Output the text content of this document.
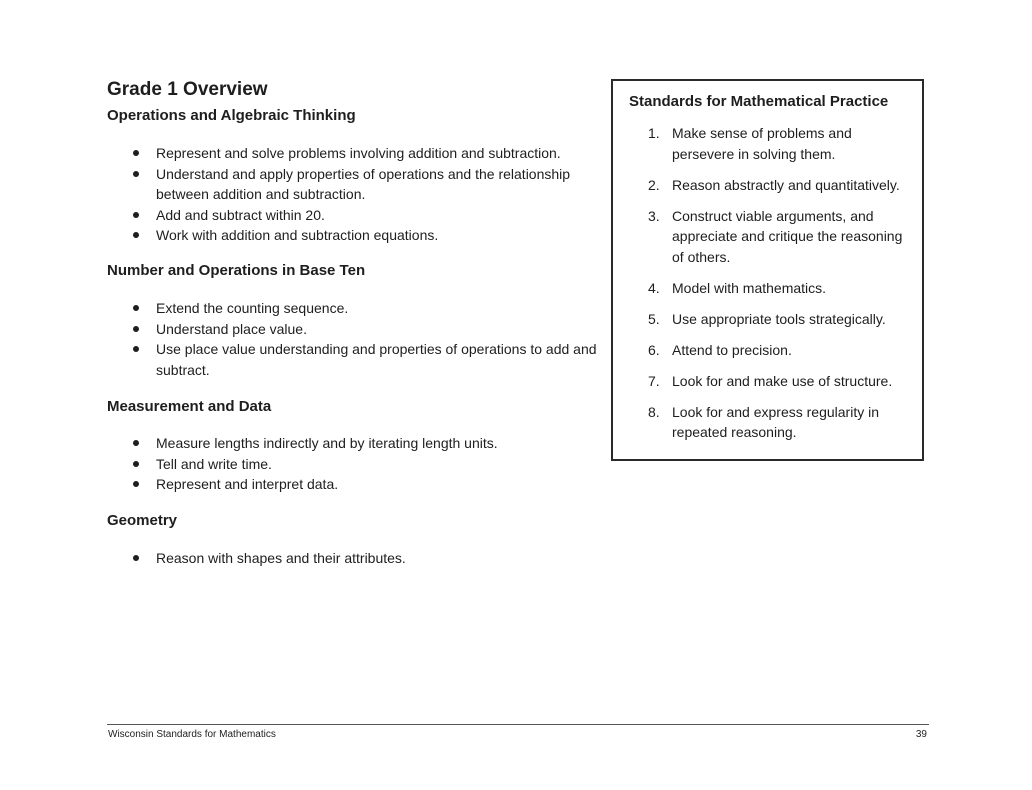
Grade 1 Overview
Operations and Algebraic Thinking
Represent and solve problems involving addition and subtraction.
Understand and apply properties of operations and the relationship between addition and subtraction.
Add and subtract within 20.
Work with addition and subtraction equations.
Number and Operations in Base Ten
Extend the counting sequence.
Understand place value.
Use place value understanding and properties of operations to add and subtract.
Measurement and Data
Measure lengths indirectly and by iterating length units.
Tell and write time.
Represent and interpret data.
Geometry
Reason with shapes and their attributes.
Standards for Mathematical Practice
1. Make sense of problems and persevere in solving them.
2. Reason abstractly and quantitatively.
3. Construct viable arguments, and appreciate and critique the reasoning of others.
4. Model with mathematics.
5. Use appropriate tools strategically.
6. Attend to precision.
7. Look for and make use of structure.
8. Look for and express regularity in repeated reasoning.
Wisconsin Standards for Mathematics	39
